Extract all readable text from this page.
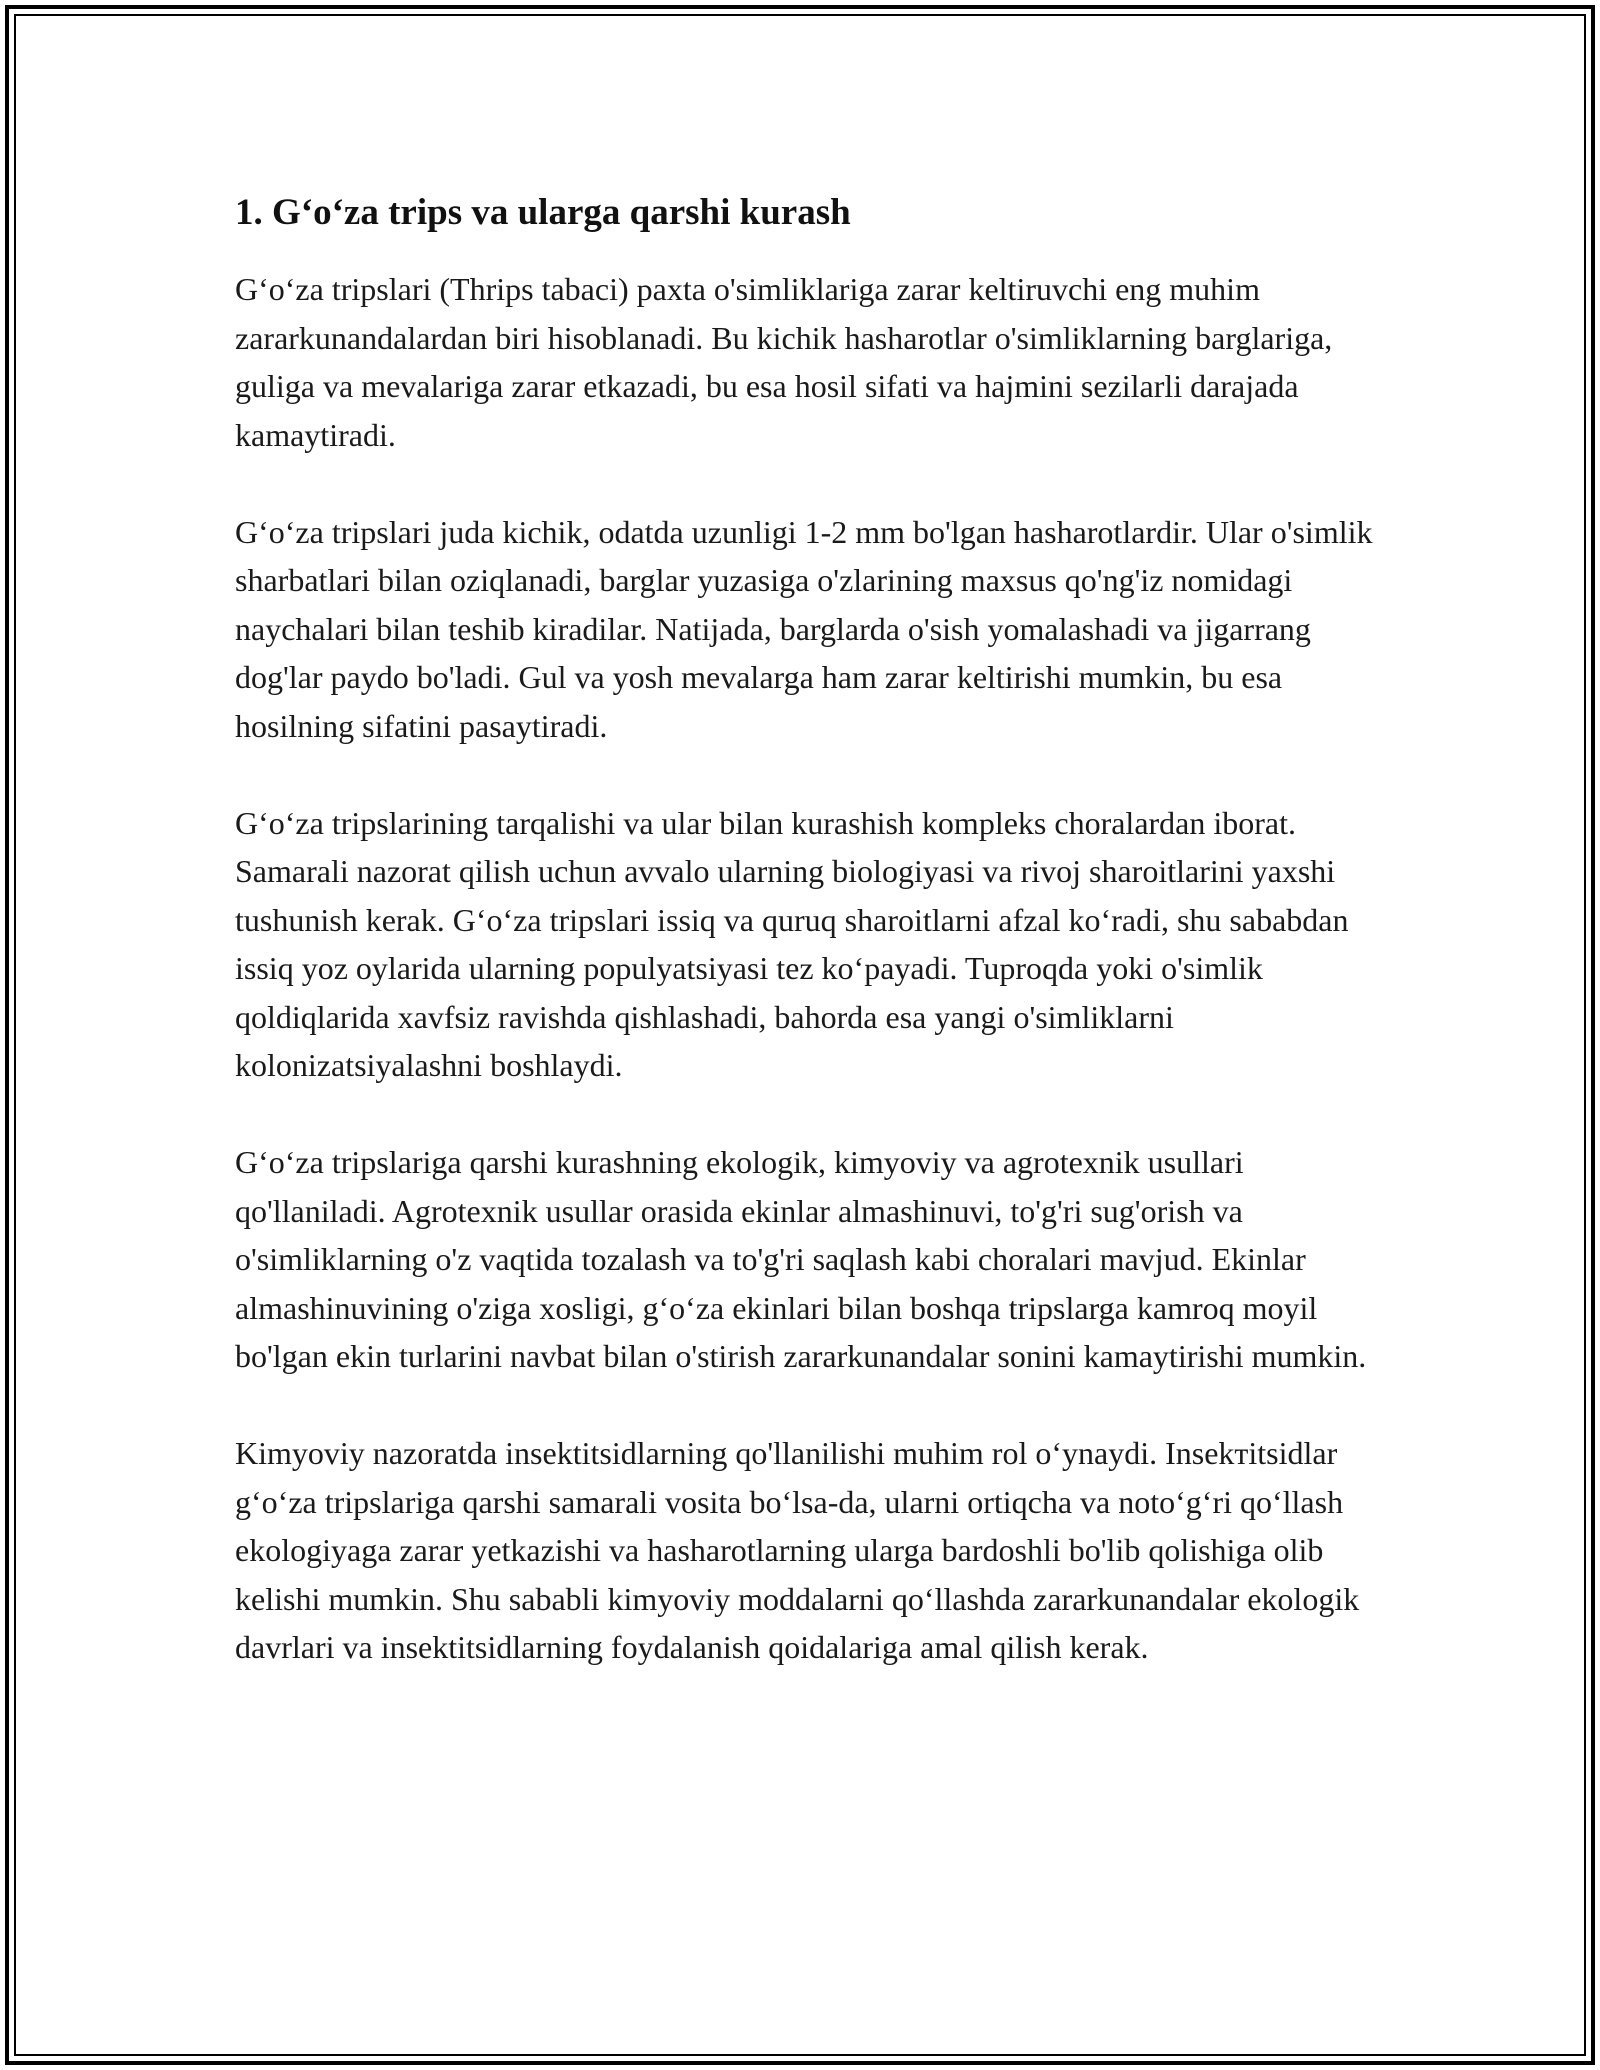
1. G‘o‘za trips va ularga qarshi kurash

G‘o‘za tripslari (Thrips tabaci) paxta o'simliklariga zarar keltiruvchi eng muhim zararkunandalardan biri hisoblanadi. Bu kichik hasharotlar o'simliklarning barglariga, guliga va mevalariga zarar etkazadi, bu esa hosil sifati va hajmini sezilarli darajada kamaytiradi.

G‘o‘za tripslari juda kichik, odatda uzunligi 1-2 mm bo'lgan hasharotlardir. Ular o'simlik sharbatlari bilan oziqlanadi, barglar yuzasiga o'zlarining maxsus qo'ng'iz nomidagi naychalari bilan teshib kiradilar. Natijada, barglarda o'sish yomalashadi va jigarrang dog'lar paydo bo'ladi. Gul va yosh mevalarga ham zarar keltirishi mumkin, bu esa hosilning sifatini pasaytiradi.

G‘o‘za tripslarining tarqalishi va ular bilan kurashish kompleks choralardan iborat. Samarali nazorat qilish uchun avvalo ularning biologiyasi va rivoj sharoitlarini yaxshi tushunish kerak. G‘o‘za tripslari issiq va quruq sharoitlarni afzal ko‘radi, shu sababdan issiq yoz oylarida ularning populyatsiyasi tez ko‘payadi. Tuproqda yoki o'simlik qoldiqlarida xavfsiz ravishda qishlashadi, bahorda esa yangi o'simliklarni kolonizatsiyalashni boshlaydi.

G‘o‘za tripslariga qarshi kurashning ekologik, kimyoviy va agrotexnik usullari qo'llaniladi. Agrotexnik usullar orasida ekinlar almashinuvi, to'g'ri sug'orish va o'simliklarning o'z vaqtida tozalash va to'g'ri saqlash kabi choralari mavjud. Ekinlar almashinuvining o'ziga xosligi, g‘o‘za ekinlari bilan boshqa tripslarga kamroq moyil bo'lgan ekin turlarini navbat bilan o'stirish zararkunandalar sonini kamaytirishi mumkin.

Kimyoviy nazoratda insektitsidlarning qo'llanilishi muhim rol o‘ynaydi. Insekтitsidlar g‘o‘za tripslariga qarshi samarali vosita bo‘lsa-da, ularni ortiqcha va noto‘g‘ri qo‘llash ekologiyaga zarar yetkazishi va hasharotlarning ularga bardoshli bo'lib qolishiga olib kelishi mumkin. Shu sababli kimyoviy moddalarni qo‘llashda zararkunandalar ekologik davrlari va insektitsidlarning foydalanish qoidalariga amal qilish kerak.
